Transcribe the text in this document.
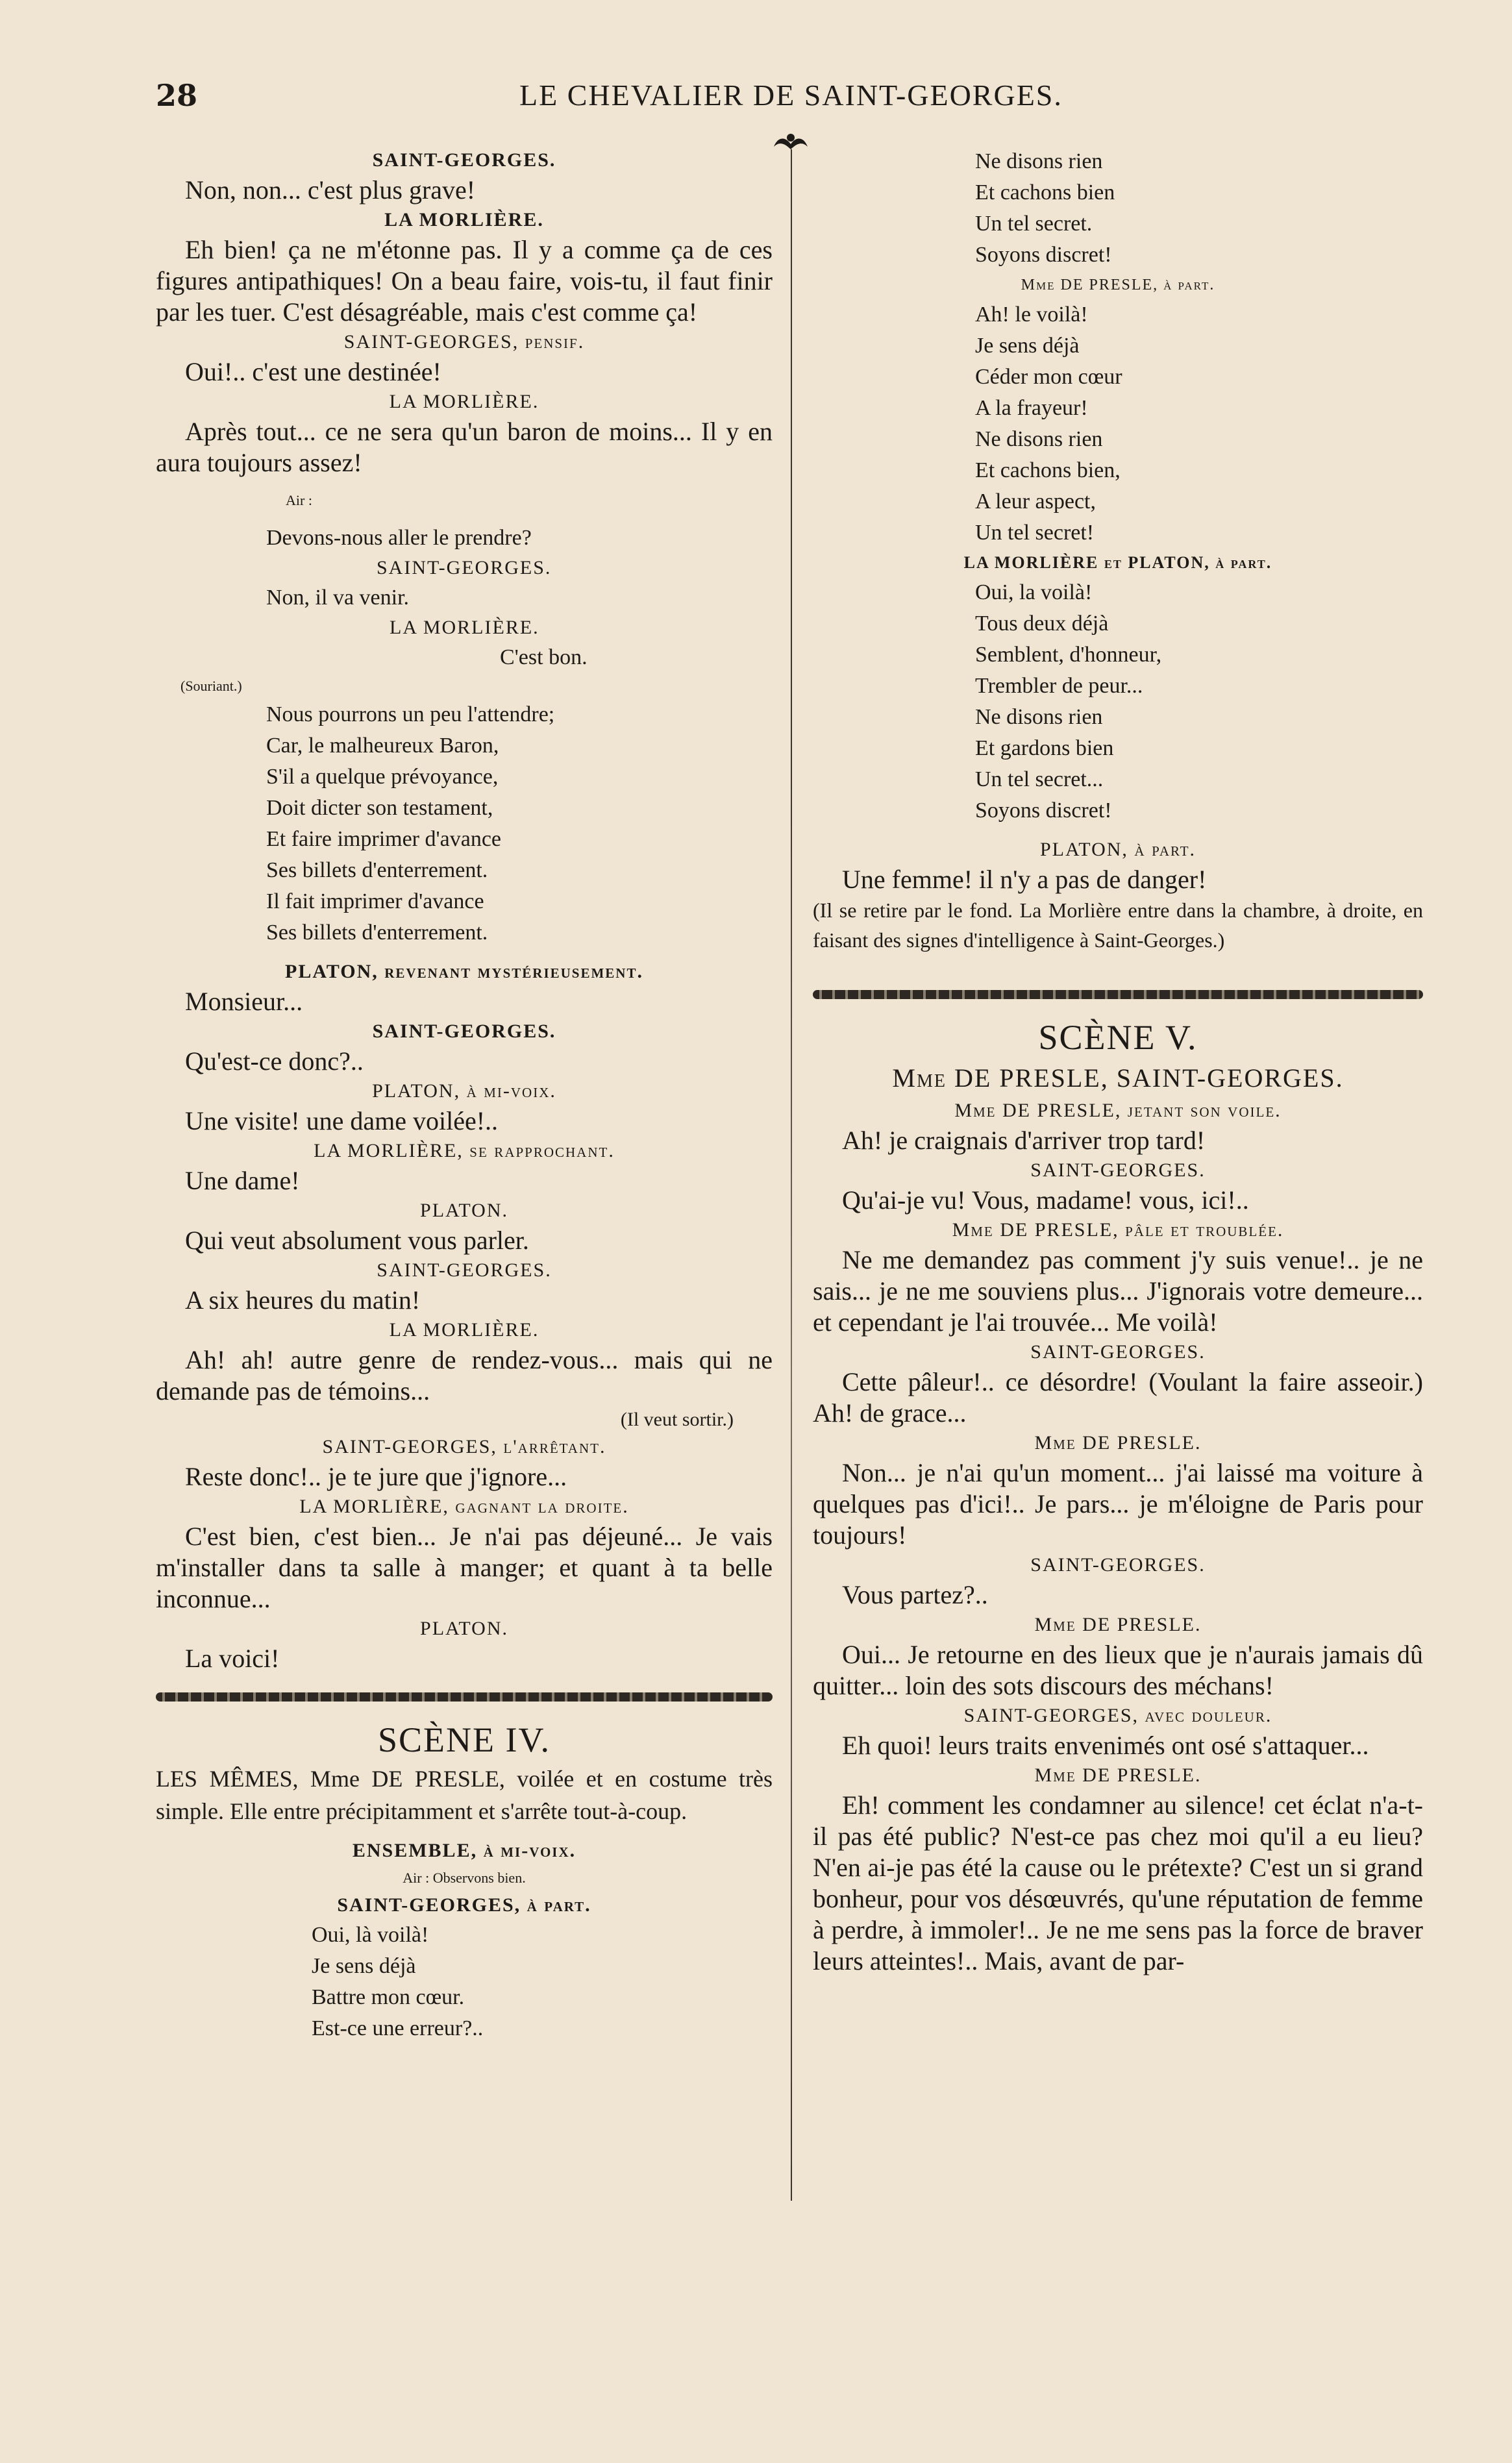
28	LE CHEVALIER DE SAINT-GEORGES.
SAINT-GEORGES.
Non, non... c'est plus grave!
LA MORLIÈRE.
Eh bien! ça ne m'étonne pas. Il y a comme ça de ces figures antipathiques! On a beau faire, vois-tu, il faut finir par les tuer. C'est désagréable, mais c'est comme ça!
SAINT-GEORGES, pensif.
Oui!.. c'est une destinée!
LA MORLIÈRE.
Après tout... ce ne sera qu'un baron de moins... Il y en aura toujours assez!
Air :
Devons-nous aller le prendre?
SAINT-GEORGES.
Non, il va venir.
LA MORLIÈRE.
C'est bon.
(Souriant.)
Nous pourrons un peu l'attendre;
Car, le malheureux Baron,
S'il a quelque prévoyance,
Doit dicter son testament,
Et faire imprimer d'avance
Ses billets d'enterrement.
Il fait imprimer d'avance
Ses billets d'enterrement.
PLATON, revenant mystérieusement.
Monsieur...
SAINT-GEORGES.
Qu'est-ce donc?..
PLATON, à mi-voix.
Une visite! une dame voilée!..
LA MORLIÈRE, se rapprochant.
Une dame!
PLATON.
Qui veut absolument vous parler.
SAINT-GEORGES.
A six heures du matin!
LA MORLIÈRE.
Ah! ah! autre genre de rendez-vous... mais qui ne demande pas de témoins...
(Il veut sortir.)
SAINT-GEORGES, l'arrêtant.
Reste donc!.. je te jure que j'ignore...
LA MORLIÈRE, gagnant la droite.
C'est bien, c'est bien... Je n'ai pas déjeuné... Je vais m'installer dans ta salle à manger; et quant à ta belle inconnue...
PLATON.
La voici!
SCÈNE IV.
LES MÊMES, Mme DE PRESLE, voilée et en costume très simple. Elle entre précipitamment et s'arrête tout-à-coup.
ENSEMBLE, à mi-voix.
Air : Observons bien.
SAINT-GEORGES, à part.
Oui, là voilà!
Je sens déjà
Battre mon cœur.
Est-ce une erreur?..
Ne disons rien
Et cachons bien
Un tel secret.
Soyons discret!
Mme DE PRESLE, à part.
Ah! le voilà!
Je sens déjà
Céder mon cœur
A la frayeur!
Ne disons rien
Et cachons bien,
A leur aspect,
Un tel secret!
LA MORLIÈRE et PLATON, à part.
Oui, la voilà!
Tous deux déjà
Semblent, d'honneur,
Trembler de peur...
Ne disons rien
Et gardons bien
Un tel secret...
Soyons discret!
PLATON, à part.
Une femme! il n'y a pas de danger!
(Il se retire par le fond. La Morlière entre dans la chambre, à droite, en faisant des signes d'intelligence à Saint-Georges.)
SCÈNE V.
Mme DE PRESLE, SAINT-GEORGES.
Mme DE PRESLE, jetant son voile.
Ah! je craignais d'arriver trop tard!
SAINT-GEORGES.
Qu'ai-je vu! Vous, madame! vous, ici!..
Mme DE PRESLE, pâle et troublée.
Ne me demandez pas comment j'y suis venue!.. je ne sais... je ne me souviens plus... J'ignorais votre demeure... et cependant je l'ai trouvée... Me voilà!
SAINT-GEORGES.
Cette pâleur!.. ce désordre! (Voulant la faire asseoir.) Ah! de grace...
Mme DE PRESLE.
Non... je n'ai qu'un moment... j'ai laissé ma voiture à quelques pas d'ici!.. Je pars... je m'éloigne de Paris pour toujours!
SAINT-GEORGES.
Vous partez?..
Mme DE PRESLE.
Oui... Je retourne en des lieux que je n'aurais jamais dû quitter... loin des sots discours des méchans!
SAINT-GEORGES, avec douleur.
Eh quoi! leurs traits envenimés ont osé s'attaquer...
Mme DE PRESLE.
Eh! comment les condamner au silence! cet éclat n'a-t-il pas été public? N'est-ce pas chez moi qu'il a eu lieu? N'en ai-je pas été la cause ou le prétexte? C'est un si grand bonheur, pour vos désœuvrés, qu'une réputation de femme à perdre, à immoler!.. Je ne me sens pas la force de braver leurs atteintes!.. Mais, avant de par-
